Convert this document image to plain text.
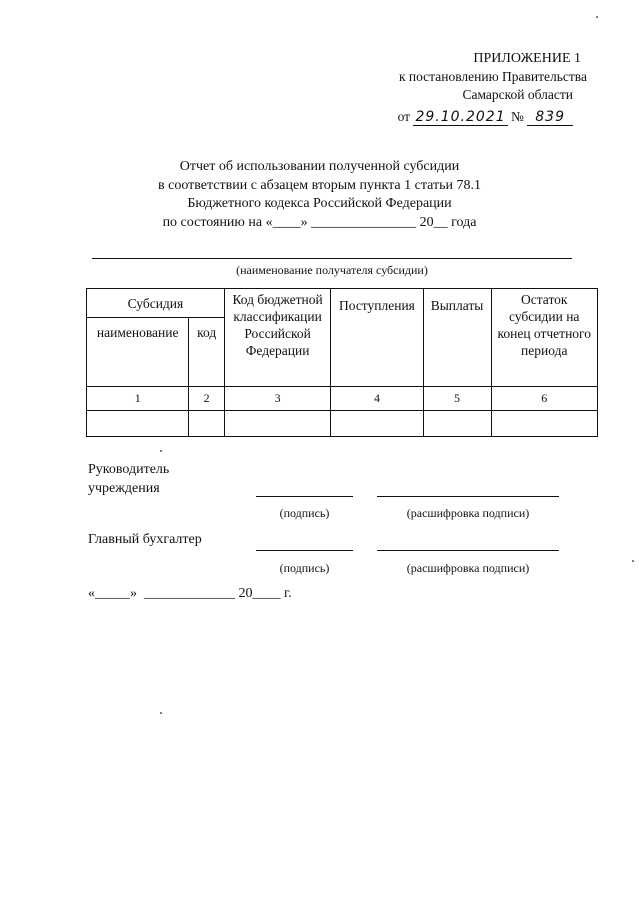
ПРИЛОЖЕНИЕ 1
к постановлению Правительства
Самарской области
от 29.10.2021 № 839
Отчет об использовании полученной субсидии
в соответствии с абзацем вторым пункта 1 статьи 78.1
Бюджетного кодекса Российской Федерации
по состоянию на «____» _______________ 20__ года
(наименование получателя субсидии)
Субсидия		Код бюджетной классификации Российской Федерации	Поступления	Выплаты	Остаток субсидии на конец отчетного периода
наименование	код				
1	2	3	4	5	6

Руководитель
учреждения
(подпись)	(расшифровка подписи)
Главный бухгалтер
(подпись)	(расшифровка подписи)
«_____»  _____________ 20____ г.
